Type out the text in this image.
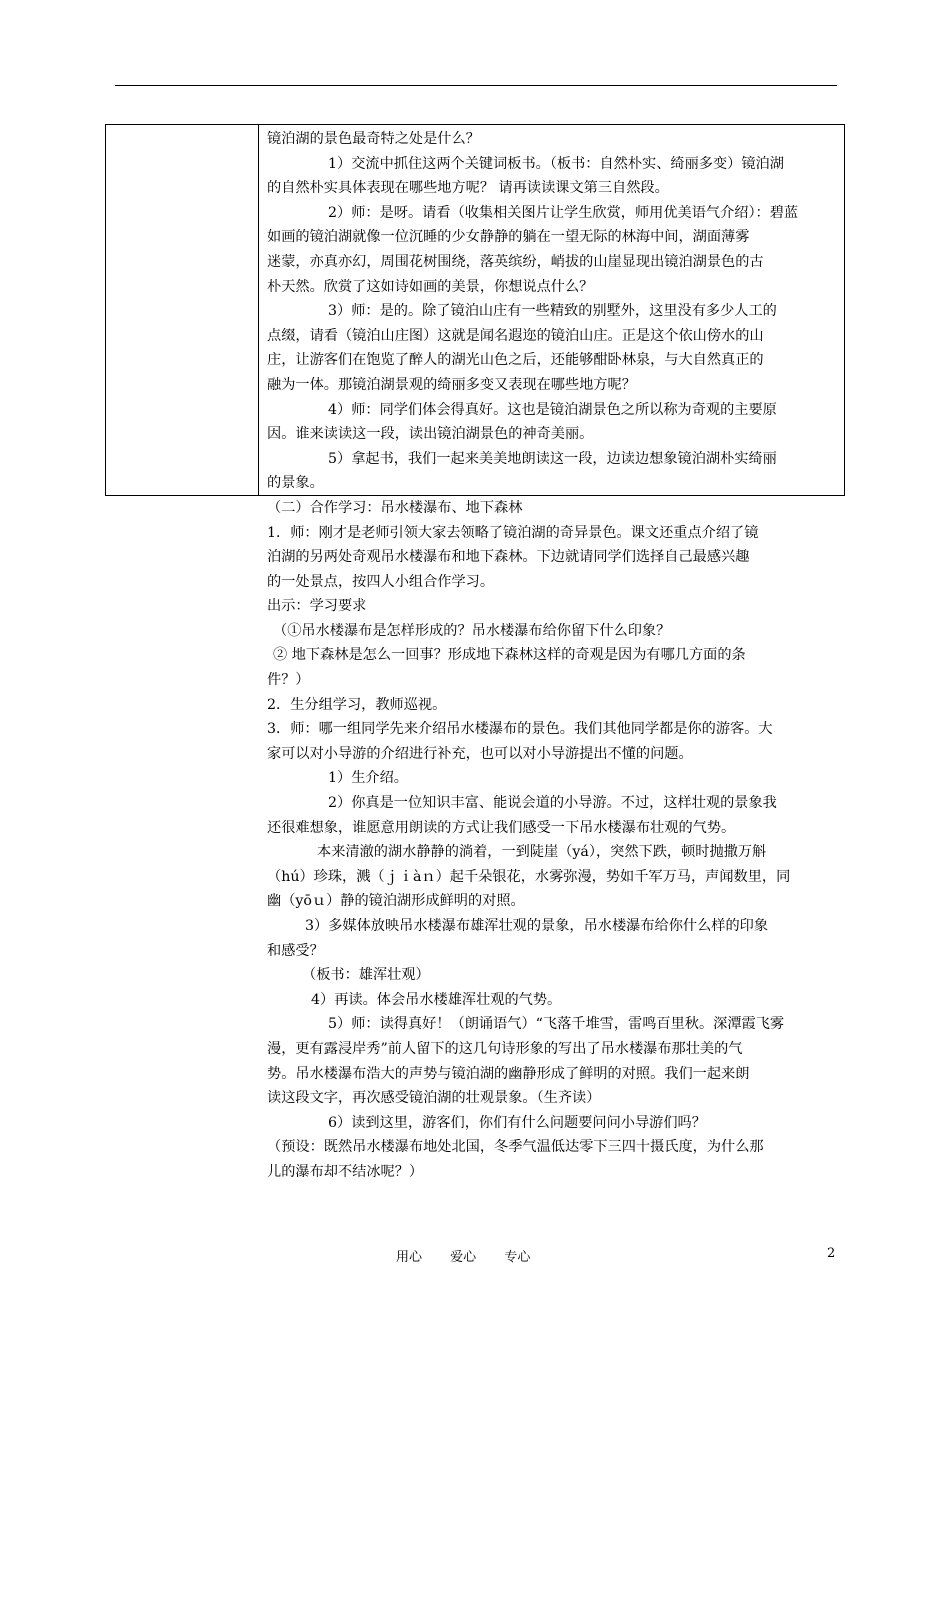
镜泊湖的景色最奇特之处是什么？
1）交流中抓住这两个关键词板书。（板书：自然朴实、绮丽多变）镜泊湖
的自然朴实具体表现在哪些地方呢？ 请再读读课文第三自然段。
2）师：是呀。请看（收集相关图片让学生欣赏，师用优美语气介绍）：碧蓝
如画的镜泊湖就像一位沉睡的少女静静的躺在一望无际的林海中间，湖面薄雾
迷蒙，亦真亦幻，周围花树围绕，落英缤纷，峭拔的山崖显现出镜泊湖景色的古
朴天然。欣赏了这如诗如画的美景，你想说点什么？
3）师：是的。除了镜泊山庄有一些精致的别墅外，这里没有多少人工的
点缀，请看（镜泊山庄图）这就是闻名遐迩的镜泊山庄。正是这个依山傍水的山
庄，让游客们在饱览了醉人的湖光山色之后，还能够酣卧林泉，与大自然真正的
融为一体。那镜泊湖景观的绮丽多变又表现在哪些地方呢？
4）师：同学们体会得真好。这也是镜泊湖景色之所以称为奇观的主要原
因。谁来读读这一段，读出镜泊湖景色的神奇美丽。
5）拿起书，我们一起来美美地朗读这一段，边读边想象镜泊湖朴实绮丽
的景象。
（二）合作学习：吊水楼瀑布、地下森林
1．师：刚才是老师引领大家去领略了镜泊湖的奇异景色。课文还重点介绍了镜
泊湖的另两处奇观吊水楼瀑布和地下森林。下边就请同学们选择自己最感兴趣
的一处景点，按四人小组合作学习。
出示：学习要求
（①吊水楼瀑布是怎样形成的？吊水楼瀑布给你留下什么印象？
② 地下森林是怎么一回事？形成地下森林这样的奇观是因为有哪几方面的条
件？）
2．生分组学习，教师巡视。
3．师：哪一组同学先来介绍吊水楼瀑布的景色。我们其他同学都是你的游客。大
家可以对小导游的介绍进行补充，也可以对小导游提出不懂的问题。
1）生介绍。
2）你真是一位知识丰富、能说会道的小导游。不过，这样壮观的景象我
还很难想象，谁愿意用朗读的方式让我们感受一下吊水楼瀑布壮观的气势。
本来清澈的湖水静静的淌着，一到陡崖（yá），突然下跌，顿时抛撒万斛
（hú）珍珠，溅（ｊｉàｎ）起千朵银花，水雾弥漫，势如千军万马，声闻数里，同
幽（yōｕ）静的镜泊湖形成鲜明的对照。
3）多媒体放映吊水楼瀑布雄浑壮观的景象，吊水楼瀑布给你什么样的印象
和感受？
（板书：雄浑壮观）
4）再读。体会吊水楼雄浑壮观的气势。
5）师：读得真好！（朗诵语气）“飞落千堆雪，雷鸣百里秋。深潭霞飞雾
漫，更有露浸岸秀”前人留下的这几句诗形象的写出了吊水楼瀑布那壮美的气
势。吊水楼瀑布浩大的声势与镜泊湖的幽静形成了鲜明的对照。我们一起来朗
读这段文字，再次感受镜泊湖的壮观景象。（生齐读）
6）读到这里，游客们，你们有什么问题要问问小导游们吗？
（预设：既然吊水楼瀑布地处北国，冬季气温低达零下三四十摄氏度，为什么那
儿的瀑布却不结冰呢？）
用心 爱心 专心	2
